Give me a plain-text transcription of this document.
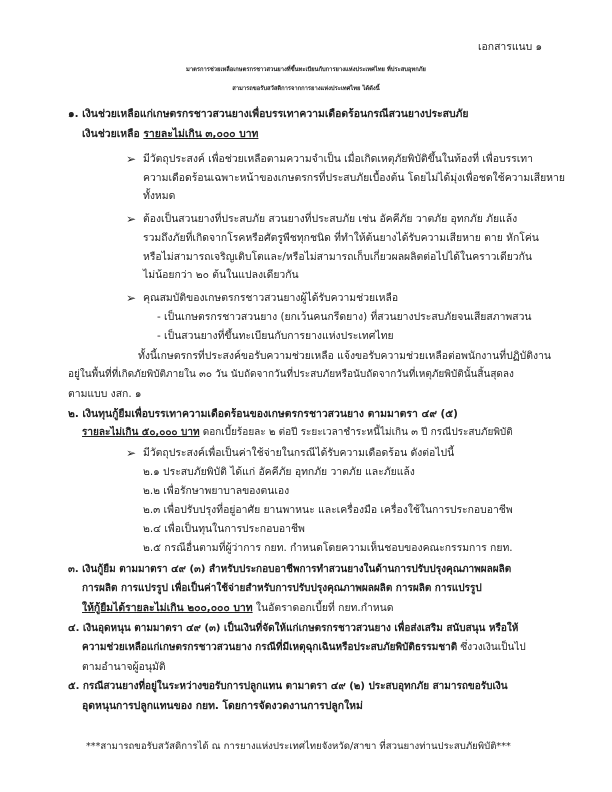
เอกสารแนบ ๑
มาตรการช่วยเหลือเกษตรกรชาวสวนยางที่ขึ้นทะเบียนกับการยางแห่งประเทศไทย ที่ประสบอุทกภัย
สามารถขอรับสวัสดิการจากการยางแห่งประเทศไทย ได้ดังนี้
๑. เงินช่วยเหลือแก่เกษตรกรชาวสวนยางเพื่อบรรเทาความเดือดร้อนกรณีสวนยางประสบภัย
เงินช่วยเหลือ รายละไม่เกิน ๓,๐๐๐ บาท
➢ มีวัตถุประสงค์ เพื่อช่วยเหลือตามความจำเป็น เมื่อเกิดเหตุภัยพิบัติขึ้นในท้องที่ เพื่อบรรเทา
ความเดือดร้อนเฉพาะหน้าของเกษตรกรที่ประสบภัยเบื้องต้น โดยไม่ได้มุ่งเพื่อชดใช้ความเสียหาย
ทั้งหมด
➢ ต้องเป็นสวนยางที่ประสบภัย สวนยางที่ประสบภัย เช่น อัคคีภัย วาตภัย อุทกภัย ภัยแล้ง
รวมถึงภัยที่เกิดจากโรคหรือศัตรูพืชทุกชนิด ที่ทำให้ต้นยางได้รับความเสียหาย ตาย หักโค่น
หรือไม่สามารถเจริญเติบโตและ/หรือไม่สามารถเก็บเกี่ยวผลผลิตต่อไปได้ในคราวเดียวกัน
ไม่น้อยกว่า ๒๐ ต้นในแปลงเดียวกัน
➢ คุณสมบัติของเกษตรกรชาวสวนยางผู้ได้รับความช่วยเหลือ
- เป็นเกษตรกรชาวสวนยาง (ยกเว้นคนกรีดยาง) ที่สวนยางประสบภัยจนเสียสภาพสวน
- เป็นสวนยางที่ขึ้นทะเบียนกับการยางแห่งประเทศไทย
ทั้งนี้เกษตรกรที่ประสงค์ขอรับความช่วยเหลือ แจ้งขอรับความช่วยเหลือต่อพนักงานที่ปฏิบัติงาน
อยู่ในพื้นที่ที่เกิดภัยพิบัติภายใน ๓๐ วัน นับถัดจากวันที่ประสบภัยหรือนับถัดจากวันที่เหตุภัยพิบัตินั้นสิ้นสุดลง
ตามแบบ งสก. ๑
๒. เงินทุนกู้ยืมเพื่อบรรเทาความเดือดร้อนของเกษตรกรชาวสวนยาง ตามมาตรา ๔๙ (๕)
รายละไม่เกิน ๕๐,๐๐๐ บาท ดอกเบี้ยร้อยละ ๒ ต่อปี ระยะเวลาชำระหนี้ไม่เกิน ๓ ปี กรณีประสบภัยพิบัติ
➢ มีวัตถุประสงค์เพื่อเป็นค่าใช้จ่ายในกรณีได้รับความเดือดร้อน ดังต่อไปนี้
๒.๑ ประสบภัยพิบัติ ได้แก่ อัคคีภัย อุทกภัย วาตภัย และภัยแล้ง
๒.๒ เพื่อรักษาพยาบาลของตนเอง
๒.๓ เพื่อปรับปรุงที่อยู่อาศัย ยานพาหนะ และเครื่องมือ เครื่องใช้ในการประกอบอาชีพ
๒.๔ เพื่อเป็นทุนในการประกอบอาชีพ
๒.๕ กรณีอื่นตามที่ผู้ว่าการ กยท. กำหนดโดยความเห็นชอบของคณะกรรมการ กยท.
๓. เงินกู้ยืม ตามมาตรา ๔๙ (๓) สำหรับประกอบอาชีพการทำสวนยางในด้านการปรับปรุงคุณภาพผลผลิต
การผลิต การแปรรูป เพื่อเป็นค่าใช้จ่ายสำหรับการปรับปรุงคุณภาพผลผลิต การผลิต การแปรรูป
ให้กู้ยืมได้รายละไม่เกิน ๒๐๐,๐๐๐ บาท ในอัตราดอกเบี้ยที่ กยท.กำหนด
๔. เงินอุดหนุน ตามมาตรา ๔๙ (๓) เป็นเงินที่จัดให้แก่เกษตรกรชาวสวนยาง เพื่อส่งเสริม สนับสนุน หรือให้
ความช่วยเหลือแก่เกษตรกรชาวสวนยาง กรณีที่มีเหตุฉุกเฉินหรือประสบภัยพิบัติธรรมชาติ ซึ่งวงเงินเป็นไป
ตามอำนาจผู้อนุมัติ
๕. กรณีสวนยางที่อยู่ในระหว่างขอรับการปลูกแทน ตามาตรา ๔๙ (๒) ประสบอุทกภัย สามารถขอรับเงิน
อุดหนุนการปลูกแทนของ กยท. โดยการจัดงวดงานการปลูกใหม่
***สามารถขอรับสวัสดิการได้ ณ การยางแห่งประเทศไทยจังหวัด/สาขา ที่สวนยางท่านประสบภัยพิบัติ***
